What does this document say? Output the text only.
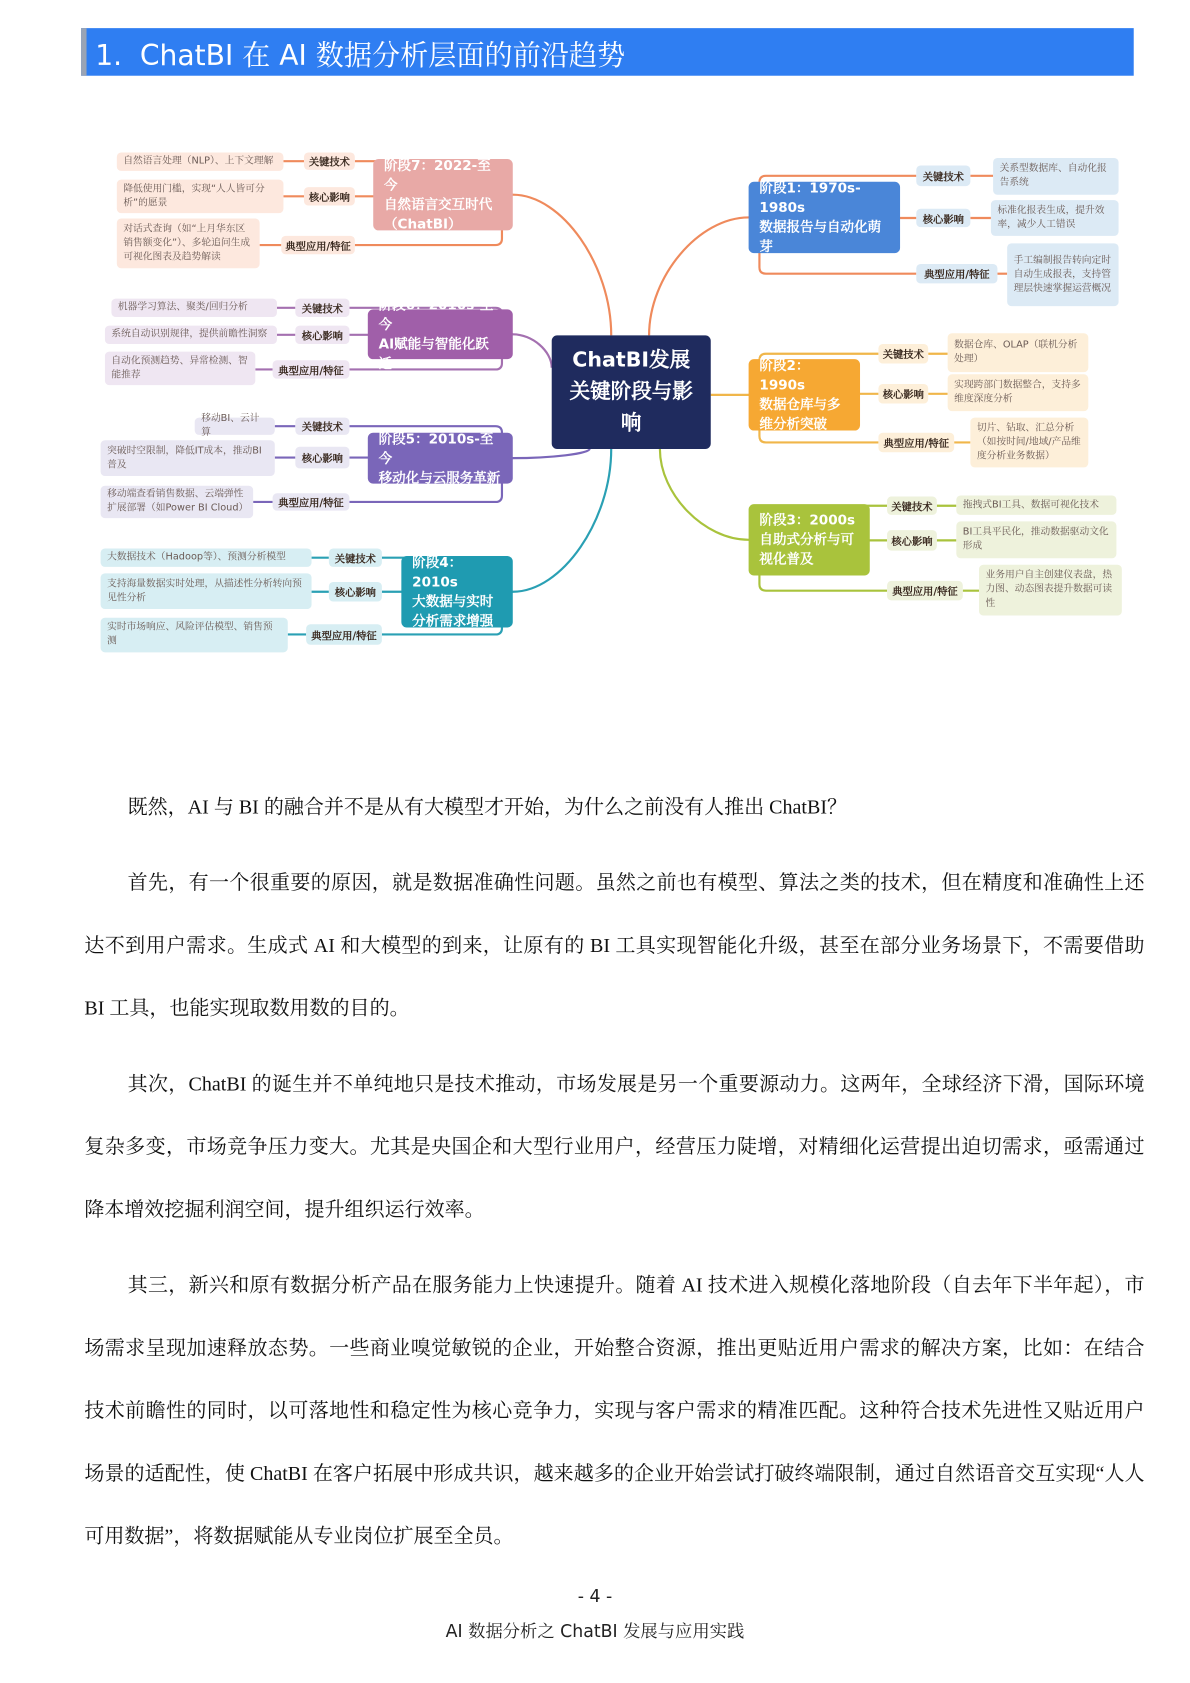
1.  ChatBI 在 AI 数据分析层面的前沿趋势
阶段1：1970s-1980s
数据报告与自动化萌芽
关键技术
关系型数据库、自动化报告系统
核心影响
标准化报表生成，提升效率，减少人工错误
典型应用/特征
手工编制报告转向定时自动生成报表，支持管理层快速掌握运营概况
阶段2：1990s
数据仓库与多维分析突破
关键技术
数据仓库、OLAP（联机分析处理）
核心影响
实现跨部门数据整合，支持多维度深度分析
典型应用/特征
切片、钻取、汇总分析（如按时间/地域/产品维度分析业务数据）
阶段3：2000s
自助式分析与可视化普及
关键技术	拖拽式BI工具、数据可视化技术
核心影响
BI工具平民化，推动数据驱动文化形成
典型应用/特征
业务用户自主创建仪表盘，热力图、动态图表提升数据可读性
阶段4：2010s
大数据与实时分析需求增强
关键技术
大数据技术（Hadoop等）、预测分析模型
核心影响
支持海量数据实时处理，从描述性分析转向预见性分析
典型应用/特征
实时市场响应、风险评估模型、销售预测
阶段5：2010s-至今
移动化与云服务革新
关键技术
移动BI、云计算
核心影响
突破时空限制，降低IT成本，推动BI普及
典型应用/特征
移动端查看销售数据、云端弹性扩展部署（如Power BI Cloud）
阶段6：2010s-至今
AI赋能与智能化跃迁
关键技术
机器学习算法、聚类/回归分析
核心影响
系统自动识别规律，提供前瞻性洞察
典型应用/特征
自动化预测趋势、异常检测、智能推荐
阶段7：2022-至今
自然语言交互时代
（ChatBI）
关键技术
自然语言处理（NLP）、上下文理解
核心影响
降低使用门槛，实现“人人皆可分析”的愿景
典型应用/特征
对话式查询（如“上月华东区销售额变化”）、多轮追问生成可视化图表及趋势解读
ChatBI发展关键阶段与影响

既然，AI 与 BI 的融合并不是从有大模型才开始，为什么之前没有人推出 ChatBI？

首先，有一个很重要的原因，就是数据准确性问题。虽然之前也有模型、算法之类的技术，但在精度和准确性上还达不到用户需求。生成式 AI 和大模型的到来，让原有的 BI 工具实现智能化升级，甚至在部分业务场景下，不需要借助 BI 工具，也能实现取数用数的目的。

其次，ChatBI 的诞生并不单纯地只是技术推动，市场发展是另一个重要源动力。这两年，全球经济下滑，国际环境复杂多变，市场竞争压力变大。尤其是央国企和大型行业用户，经营压力陡增，对精细化运营提出迫切需求，亟需通过降本增效挖掘利润空间，提升组织运行效率。

其三，新兴和原有数据分析产品在服务能力上快速提升。随着 AI 技术进入规模化落地阶段（自去年下半年起），市场需求呈现加速释放态势。一些商业嗅觉敏锐的企业，开始整合资源，推出更贴近用户需求的解决方案，比如：在结合技术前瞻性的同时，以可落地性和稳定性为核心竞争力，实现与客户需求的精准匹配。这种符合技术先进性又贴近用户场景的适配性，使 ChatBI 在客户拓展中形成共识，越来越多的企业开始尝试打破终端限制，通过自然语音交互实现“人人可用数据”，将数据赋能从专业岗位扩展至全员。

- 4 -
AI 数据分析之 ChatBI 发展与应用实践
